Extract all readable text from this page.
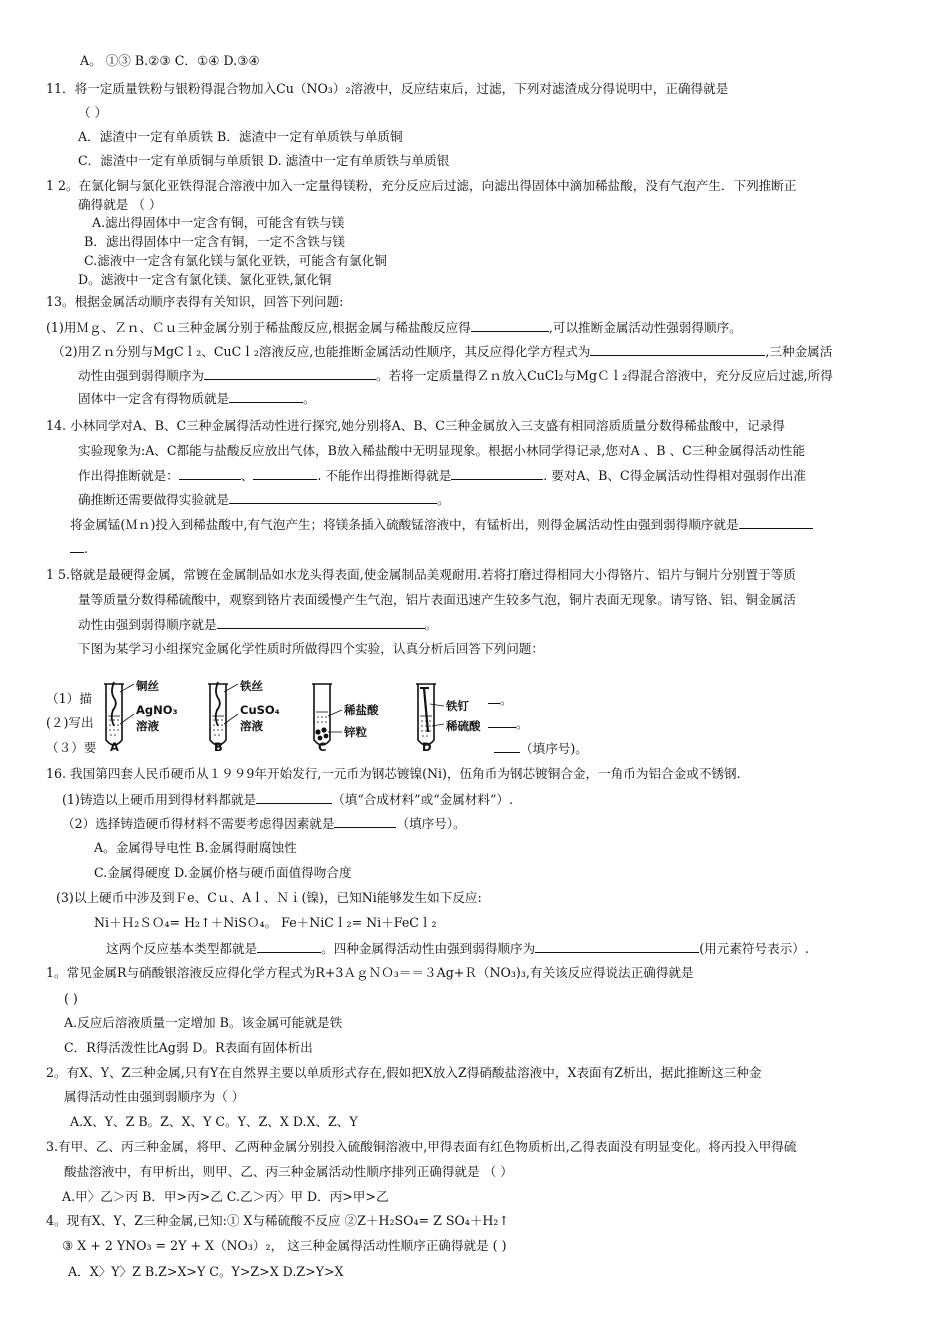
A。 ①③ B.②③ C．①④ D.③④
11．将一定质量铁粉与银粉得混合物加入Cu（NO₃）₂溶液中，反应结束后，过滤，下列对滤渣成分得说明中，正确得就是
（ ）
A．滤渣中一定有单质铁 B．滤渣中一定有单质铁与单质铜
C．滤渣中一定有单质铜与单质银 D. 滤渣中一定有单质铁与单质银
1 2。在氯化铜与氯化亚铁得混合溶液中加入一定量得镁粉，充分反应后过滤，向滤出得固体中滴加稀盐酸，没有气泡产生．下列推断正
确得就是 （ ）
A.滤出得固体中一定含有铜，可能含有铁与镁
B．滤出得固体中一定含有铜，一定不含铁与镁
C.滤液中一定含有氯化镁与氯化亚铁，可能含有氯化铜
D。滤液中一定含有氯化镁、氯化亚铁,氯化铜
13。根据金属活动顺序表得有关知识，回答下列问题:
(1)用Ｍｇ、Ｚｎ、Ｃｕ三种金属分别于稀盐酸反应,根据金属与稀盐酸反应得	,可以推断金属活动性强弱得顺序。
（2)用Ｚｎ分别与MgCｌ₂、CuCｌ₂溶液反应,也能推断金属活动性顺序，其反应得化学方程式为	,三种金属活
动性由强到弱得顺序为	。若将一定质量得Ｚｎ放入CuCl₂与MgＣｌ₂得混合溶液中，充分反应后过滤,所得
固体中一定含有得物质就是	。
14. 小林同学对A、B、C三种金属得活动性进行探究,她分别将A、B、C三种金属放入三支盛有相同溶质质量分数得稀盐酸中，记录得
实验现象为:A、C都能与盐酸反应放出气体，B放入稀盐酸中无明显现象。根据小林同学得记录,您对A 、B 、C三种金属得活动性能
作出得推断就是：	、	. 不能作出得推断得就是	. 要对A、B、C得金属活动性得相对强弱作出准
确推断还需要做得实验就是	。
将金属锰(Ｍｎ)投入到稀盐酸中,有气泡产生；将镁条插入硫酸锰溶液中，有锰析出，则得金属活动性由强到弱得顺序就是
.
1 5.铬就是最硬得金属，常镀在金属制品如水龙头得表面,使金属制品美观耐用.若将打磨过得相同大小得铬片、铝片与铜片分别置于等质
量等质量分数得稀硫酸中，观察到铬片表面缓慢产生气泡，铝片表面迅速产生较多气泡，铜片表面无现象。请写铬、铝、铜金属活
动性由强到弱得顺序就是	。
下图为某学习小组探究金属化学性质时所做得四个实验，认真分析后回答下列问题：
（1）描	。
(２)写出	。
（３）要	（填序号)。
铜丝
AgNO₃
溶液
A
铁丝
CuSO₄
溶液
B
稀盐酸
锌粒
C
铁钉
稀硫酸
D
16. 我国第四套人民币硬币从１９９9年开始发行,一元币为钢芯镀镍(Ni)，伍角币为钢芯镀铜合金，一角币为铝合金或不锈钢.
(1)铸造以上硬币用到得材料都就是	（填“合成材料”或“金属材料”）.
（2）选择铸造硬币得材料不需要考虑得因素就是	（填序号）。
A。金属得导电性 B.金属得耐腐蚀性
C.金属得硬度 D.金属价格与硬币面值得吻合度
(3)以上硬币中涉及到Ｆe、Cｕ、Aｌ、Ｎｉ(镍)，已知Ni能够发生如下反应:
Ni＋Ｈ₂ＳＯ₄= H₂↑＋NiSＯ₄。 Fe＋NiCｌ₂= Ni＋FeCｌ₂
这两个反应基本类型都就是	。四种金属得活动性由强到弱得顺序为	(用元素符号表示）.
1。常见金属R与硝酸银溶液反应得化学方程式为R+3ＡｇＮＯ₃＝＝３Ag+Ｒ（NO₃)₃,有关该反应得说法正确得就是
( )
A.反应后溶液质量一定增加 B。该金属可能就是铁
C．R得活泼性比Ag弱 D。R表面有固体析出
2。有X、Y、Z三种金属,只有Y在自然界主要以单质形式存在,假如把X放入Z得硝酸盐溶液中，X表面有Z析出，据此推断这三种金
属得活动性由强到弱顺序为（ ）
A.X、Y、Z B。Z、X、Y C。Y、Z、X D.X、Z、Y
3.有甲、乙、丙三种金属，将甲、乙两种金属分别投入硫酸铜溶液中,甲得表面有红色物质析出,乙得表面没有明显变化。将丙投入甲得硫
酸盐溶液中，有甲析出，则甲、乙、丙三种金属活动性顺序排列正确得就是 （ ）
A.甲〉乙＞丙 B．甲>丙>乙 C.乙＞丙〉甲 D．丙>甲>乙
4。现有X、Y、Z三种金属,已知:① X与稀硫酸不反应 ②Z＋H₂SO₄= Z SO₄＋H₂↑
③ X + 2 YNO₃ = 2Y + X（NO₃）₂， 这三种金属得活动性顺序正确得就是 ( )
A．X〉Y〉Z B.Z>X>Y C。Y>Z>X D.Z>Y>X
